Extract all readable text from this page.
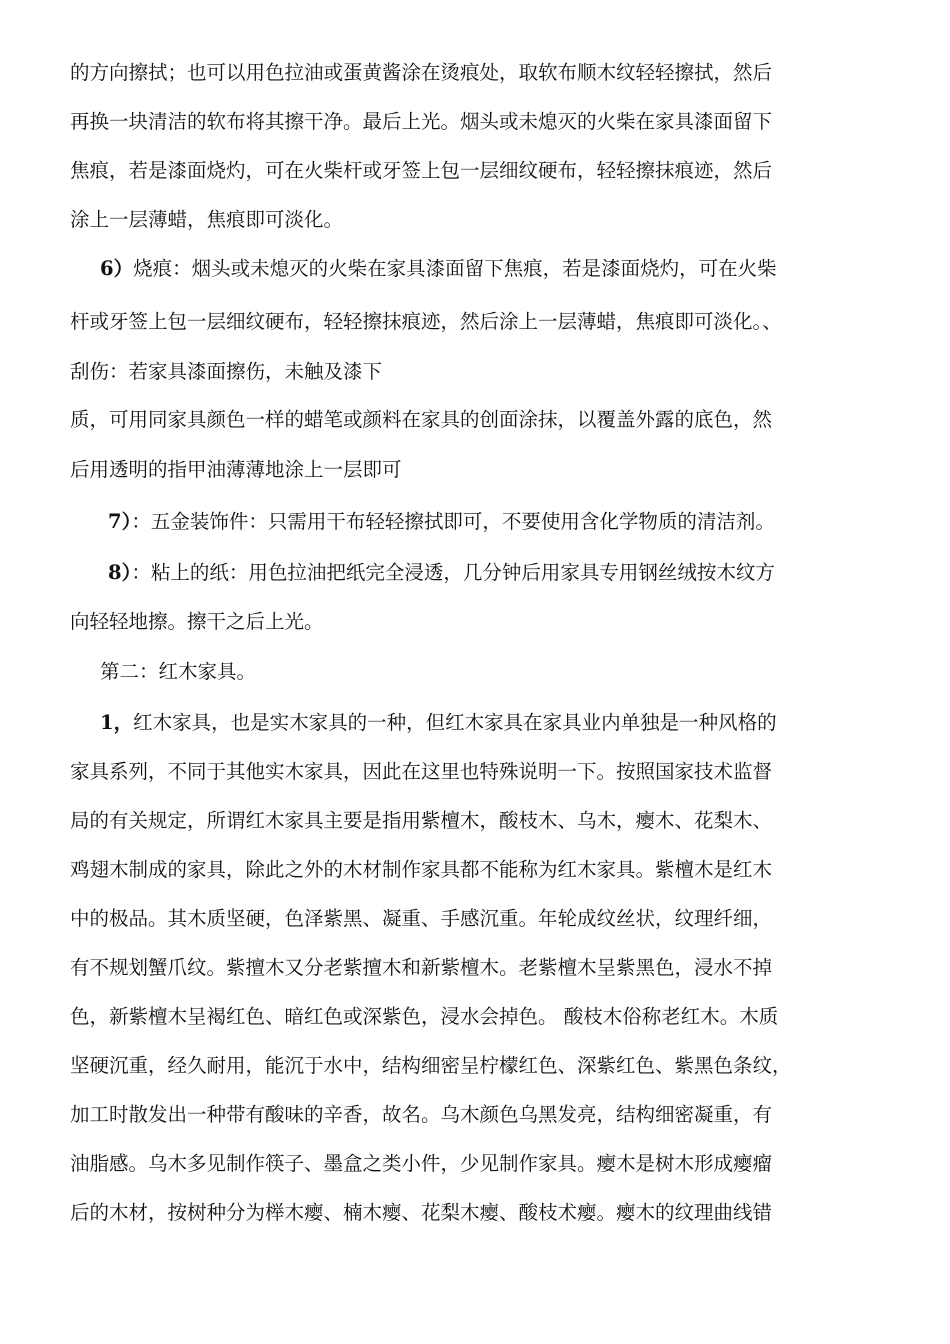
的方向擦拭；也可以用色拉油或蛋黄酱涂在烫痕处，取软布顺木纹轻轻擦拭，然后
再换一块清洁的软布将其擦干净。最后上光。烟头或未熄灭的火柴在家具漆面留下
焦痕，若是漆面烧灼，可在火柴杆或牙签上包一层细纹硬布，轻轻擦抹痕迹，然后
涂上一层薄蜡，焦痕即可淡化。
6）烧痕：烟头或未熄灭的火柴在家具漆面留下焦痕，若是漆面烧灼，可在火柴
杆或牙签上包一层细纹硬布，轻轻擦抹痕迹，然后涂上一层薄蜡，焦痕即可淡化。、
刮伤：若家具漆面擦伤，未触及漆下
质，可用同家具颜色一样的蜡笔或颜料在家具的创面涂抹，以覆盖外露的底色，然
后用透明的指甲油薄薄地涂上一层即可
7）：五金装饰件：只需用干布轻轻擦拭即可，不要使用含化学物质的清洁剂。
8）：粘上的纸：用色拉油把纸完全浸透，几分钟后用家具专用钢丝绒按木纹方
向轻轻地擦。擦干之后上光。
第二：红木家具。
1，红木家具，也是实木家具的一种，但红木家具在家具业内单独是一种风格的
家具系列，不同于其他实木家具，因此在这里也特殊说明一下。按照国家技术监督
局的有关规定，所谓红木家具主要是指用紫檀木，酸枝木、乌木，瘿木、花梨木、
鸡翅木制成的家具，除此之外的木材制作家具都不能称为红木家具。紫檀木是红木
中的极品。其木质坚硬，色泽紫黑、凝重、手感沉重。年轮成纹丝状，纹理纤细，
有不规划蟹爪纹。紫擅木又分老紫擅木和新紫檀木。老紫檀木呈紫黑色，浸水不掉
色，新紫檀木呈褐红色、暗红色或深紫色，浸水会掉色。 酸枝木俗称老红木。木质
坚硬沉重，经久耐用，能沉于水中，结构细密呈柠檬红色、深紫红色、紫黑色条纹，
加工时散发出一种带有酸味的辛香，故名。乌木颜色乌黑发亮，结构细密凝重，有
油脂感。乌木多见制作筷子、墨盒之类小件，少见制作家具。瘿木是树木形成瘿瘤
后的木材，按树种分为榉木瘿、楠木瘿、花梨木瘿、酸枝术瘿。瘿木的纹理曲线错
